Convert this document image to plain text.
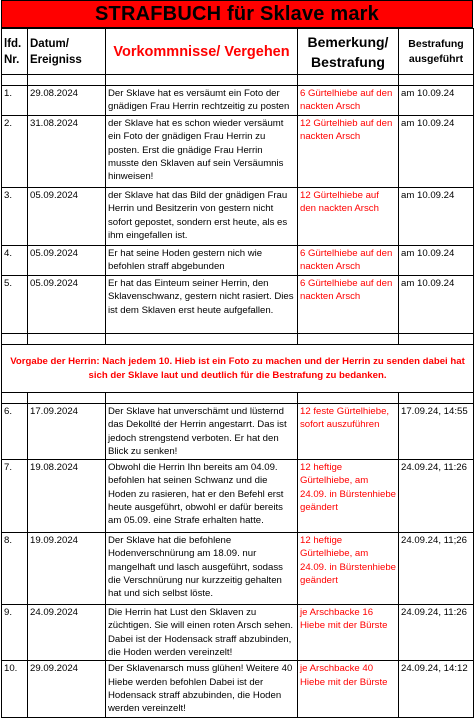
STRAFBUCH für Sklave mark
lfd. Nr.	Datum/ Ereigniss	Vorkommnisse/ Vergehen	Bemerkung/ Bestrafung	Bestrafung ausgeführt

1.	29.08.2024	Der Sklave hat es versäumt ein Foto der gnädigen Frau Herrin rechtzeitig zu posten	6 Gürtelhiebe auf den nackten Arsch	am 10.09.24
2.	31.08.2024	der Sklave hat es schon wieder versäumt ein Foto der gnädigen Frau Herrin zu posten. Erst die gnädige Frau Herrin musste den Sklaven auf sein Versäumnis hinweisen!	12 Gürtelhieb auf den nackten Arsch	am 10.09.24
3.	05.09.2024	der Sklave hat das Bild der gnädigen Frau Herrin und Besitzerin von gestern nicht sofort gepostet, sondern erst heute, als es ihm eingefallen ist.	12 Gürtelhiebe auf den nackten Arsch	am 10.09.24
4.	05.09.2024	Er hat seine Hoden gestern nich wie befohlen straff abgebunden	6 Gürtelhiebe auf den nackten Arsch	am 10.09.24
5.	05.09.2024	Er hat das Einteum seiner Herrin, den Sklavenschwanz, gestern nicht rasiert. Dies ist dem Sklaven erst heute aufgefallen.	6 Gürtelhiebe auf den nackten Arsch	am 10.09.24

Vorgabe der Herrin: Nach jedem 10. Hieb ist ein Foto zu machen und der Herrin zu senden dabei hat sich der Sklave laut und deutlich für die Bestrafung zu bedanken.				

6.	17.09.2024	Der Sklave hat unverschämt und lüsternd das Dekollté der Herrin angestarrt. Das ist jedoch strengstend verboten. Er hat den Blick zu senken!	12 feste Gürtelhiebe, sofort auszuführen	17.09.24, 14:55
7.	19.08.2024	Obwohl die Herrin Ihn bereits am 04.09. befohlen hat seinen Schwanz und die Hoden zu rasieren, hat er den Befehl erst heute ausgeführt, obwohl er dafür bereits am 05.09. eine Strafe erhalten hatte.	12 heftige Gürtelhiebe, am 24.09. in Bürstenhiebe geändert	24.09.24, 11:26
8.	19.09.2024	Der Sklave hat die befohlene Hodenverschnürung am 18.09. nur mangelhaft und lasch ausgeführt, sodass die Verschnürung nur kurzzeitig gehalten hat und sich selbst löste.	12 heftige Gürtelhiebe, am 24.09. in Bürstenhiebe geändert	24.09.24, 11;26
9.	24.09.2024	Die Herrin hat Lust den Sklaven zu züchtigen. Sie will einen roten Arsch sehen. Dabei ist der Hodensack straff abzubinden, die Hoden werden vereinzelt!	je Arschbacke 16 Hiebe mit der Bürste	24.09.24, 11:26
10.	29.09.2024	Der Sklavenarsch muss glühen! Weitere 40 Hiebe werden befohlen Dabei ist der Hodensack straff abzubinden, die Hoden werden vereinzelt!	je Arschbacke 40 Hiebe mit der Bürste	24.09.24, 14:12
